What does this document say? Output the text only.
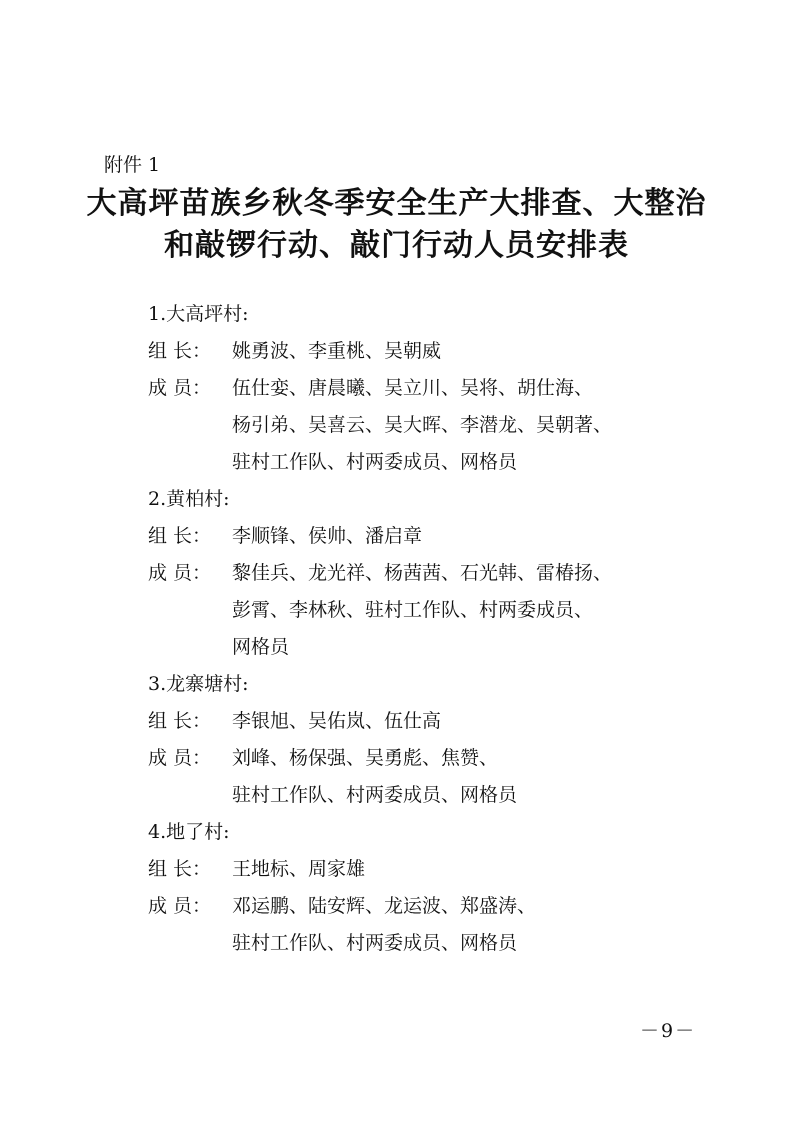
附件 1
大高坪苗族乡秋冬季安全生产大排查、大整治
和敲锣行动、敲门行动人员安排表
1.大高坪村:
组 长： 姚勇波、李重桃、吴朝威
成 员： 伍仕娈、唐晨曦、吴立川、吴将、胡仕海、
杨引弟、吴喜云、吴大晖、李潜龙、吴朝著、
驻村工作队、村两委成员、网格员
2.黄柏村:
组 长： 李顺锋、侯帅、潘启章
成 员： 黎佳兵、龙光祥、杨茜茜、石光韩、雷椿扬、
彭霄、李林秋、驻村工作队、村两委成员、
网格员
3.龙寨塘村:
组 长： 李银旭、吴佑岚、伍仕高
成 员： 刘峰、杨保强、吴勇彪、焦赞、
驻村工作队、村两委成员、网格员
4.地了村:
组 长： 王地标、周家雄
成 员： 邓运鹏、陆安辉、龙运波、郑盛涛、
驻村工作队、村两委成员、网格员
－9－
